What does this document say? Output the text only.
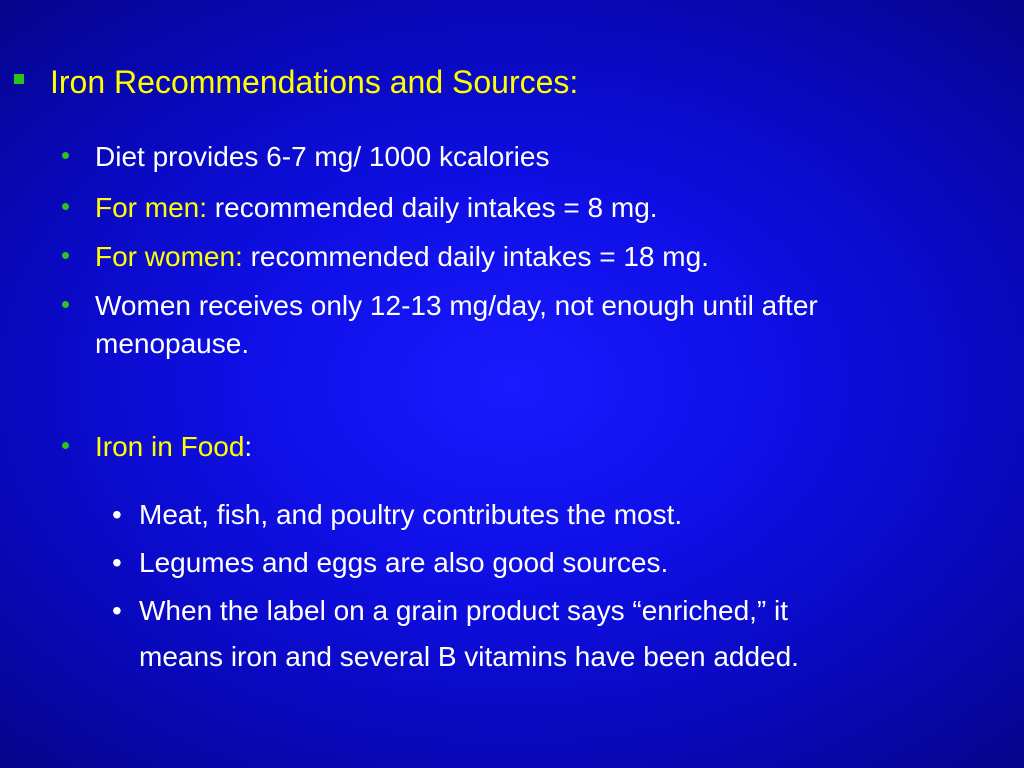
Iron Recommendations and Sources:
Diet provides 6-7 mg/ 1000 kcalories
For men: recommended daily intakes = 8 mg.
For women: recommended daily intakes = 18 mg.
Women receives only 12-13 mg/day, not enough until after
menopause.
Iron in Food:
• Meat, fish, and poultry contributes the most.
• Legumes and eggs are also good sources.
• When the label on a grain product says “enriched,” it
means iron and several B vitamins have been added.
